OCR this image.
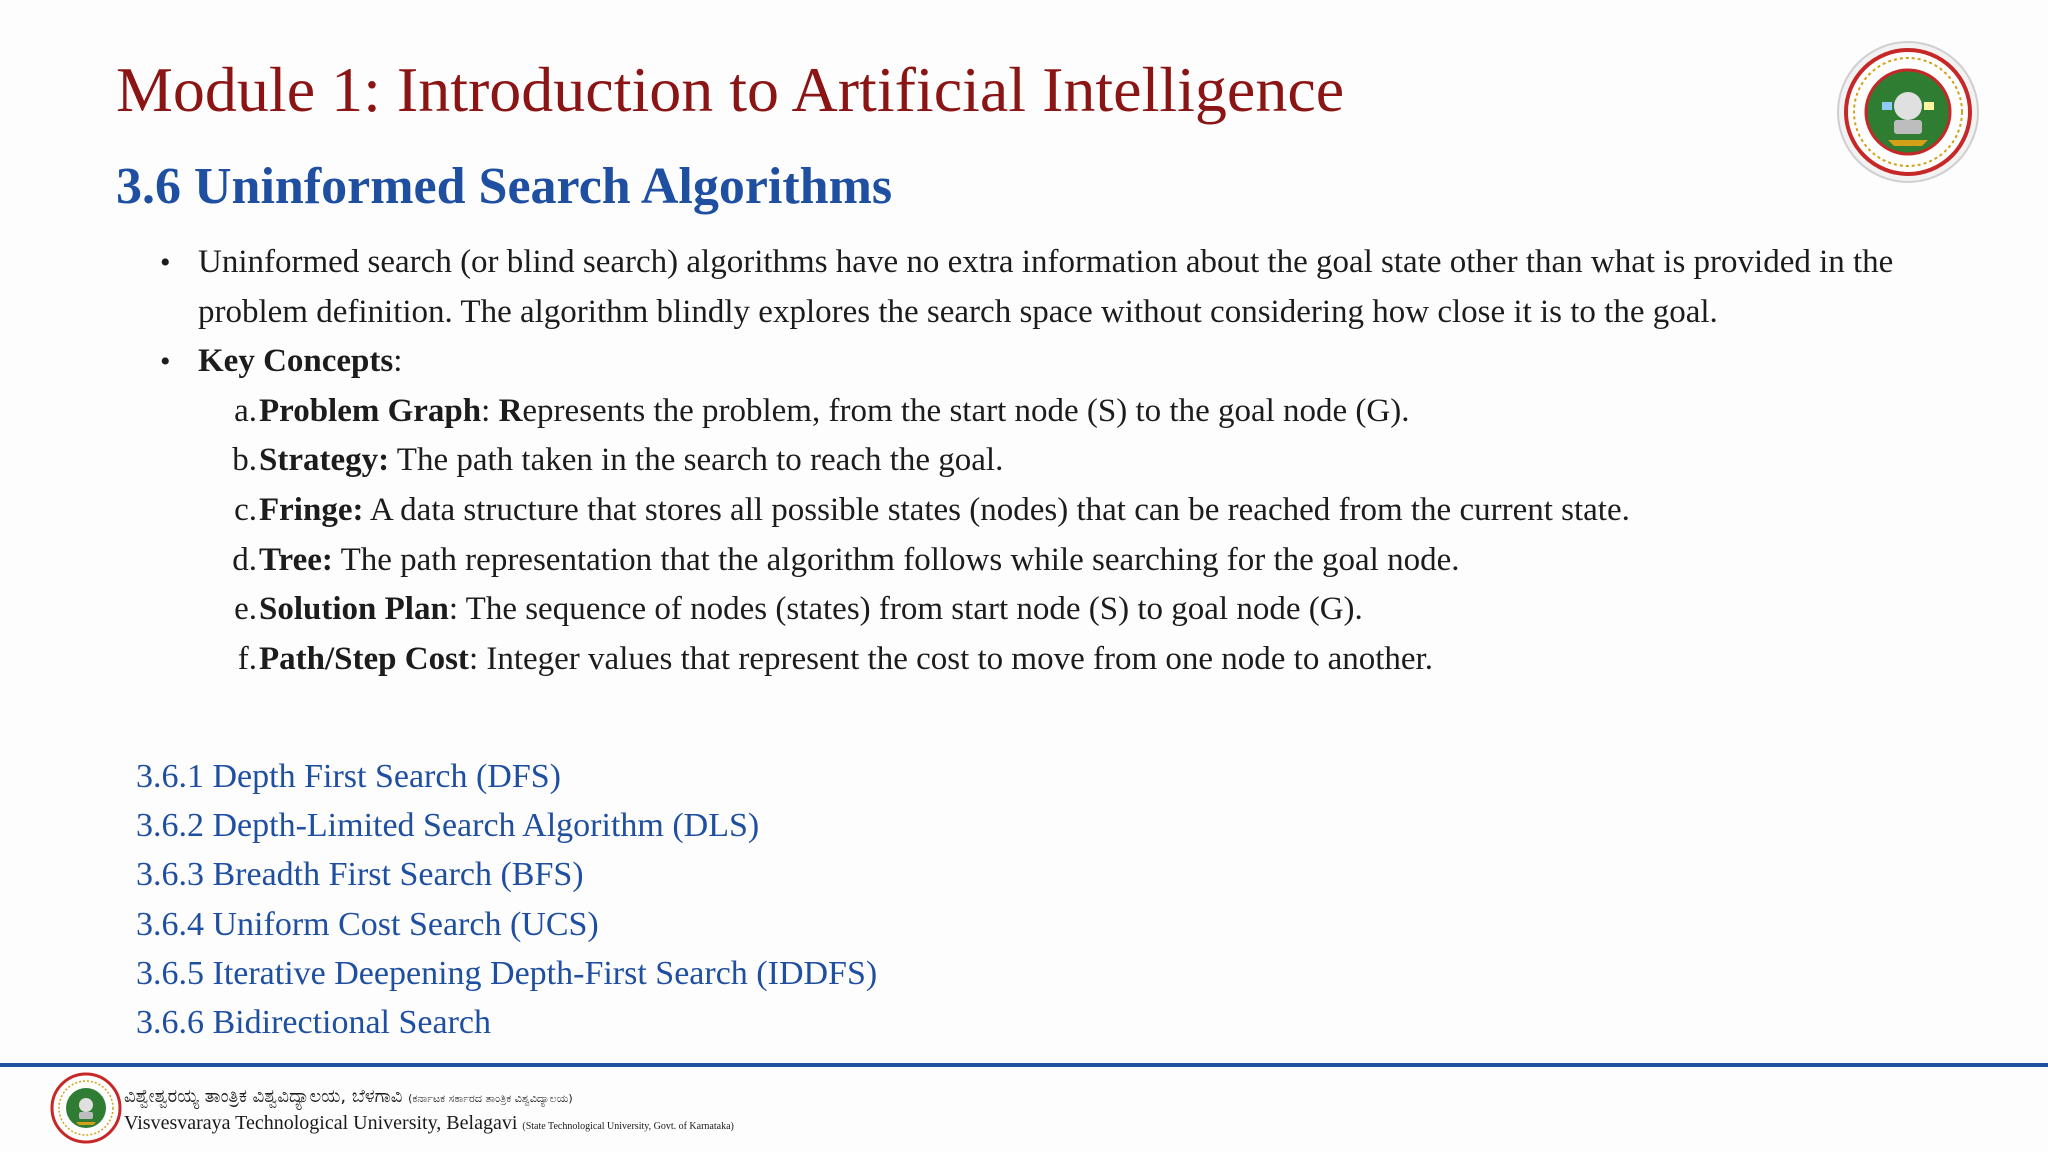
Module 1: Introduction to Artificial Intelligence
3.6 Uninformed Search Algorithms
• Uninformed search (or blind search) algorithms have no extra information about the goal state other than what is provided in the problem definition. The algorithm blindly explores the search space without considering how close it is to the goal.
• Key Concepts:
a. Problem Graph: Represents the problem, from the start node (S) to the goal node (G).
b. Strategy: The path taken in the search to reach the goal.
c. Fringe: A data structure that stores all possible states (nodes) that can be reached from the current state.
d. Tree: The path representation that the algorithm follows while searching for the goal node.
e. Solution Plan: The sequence of nodes (states) from start node (S) to goal node (G).
f. Path/Step Cost: Integer values that represent the cost to move from one node to another.
3.6.1 Depth First Search (DFS)
3.6.2 Depth-Limited Search Algorithm (DLS)
3.6.3 Breadth First Search (BFS)
3.6.4 Uniform Cost Search (UCS)
3.6.5 Iterative Deepening Depth-First Search (IDDFS)
3.6.6 Bidirectional Search
ವಿಶ್ವೇಶ್ವರಯ್ಯ ತಾಂತ್ರಿಕ ವಿಶ್ವವಿದ್ಯಾಲಯ, ಬೆಳಗಾವಿ (ಕರ್ನಾಟಕ ಸರ್ಕಾರದ ತಾಂತ್ರಿಕ ವಿಶ್ವವಿದ್ಯಾಲಯ)
Visvesvaraya Technological University, Belagavi (State Technological University, Govt. of Karnataka)
